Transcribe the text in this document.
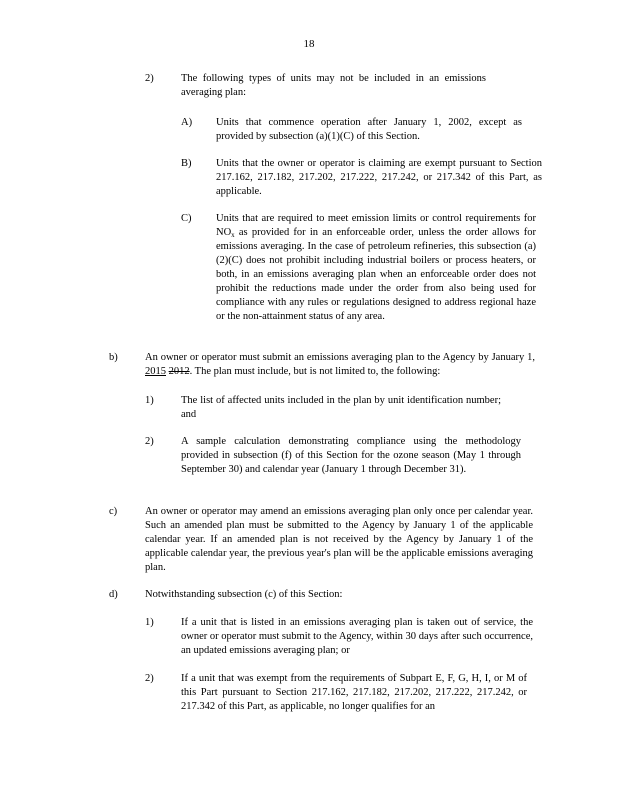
18
2)	The following types of units may not be included in an emissions averaging plan:
A) Units that commence operation after January 1, 2002, except as provided by subsection (a)(1)(C) of this Section.
B) Units that the owner or operator is claiming are exempt pursuant to Section 217.162, 217.182, 217.202, 217.222, 217.242, or 217.342 of this Part, as applicable.
C) Units that are required to meet emission limits or control requirements for $NO_x$ as provided for in an enforceable order, unless the order allows for emissions averaging. In the case of petroleum refineries, this subsection (a)(2)(C) does not prohibit including industrial boilers or process heaters, or both, in an emissions averaging plan when an enforceable order does not prohibit the reductions made under the order from also being used for compliance with any rules or regulations designed to address regional haze or the non-attainment status of any area.
b)	An owner or operator must submit an emissions averaging plan to the Agency by January 1, 2015 2012. The plan must include, but is not limited to, the following:
1)	The list of affected units included in the plan by unit identification number; and
2)	A sample calculation demonstrating compliance using the methodology provided in subsection (f) of this Section for the ozone season (May 1 through September 30) and calendar year (January 1 through December 31).
c)	An owner or operator may amend an emissions averaging plan only once per calendar year. Such an amended plan must be submitted to the Agency by January 1 of the applicable calendar year. If an amended plan is not received by the Agency by January 1 of the applicable calendar year, the previous year's plan will be the applicable emissions averaging plan.
d)	Notwithstanding subsection (c) of this Section:
1)	If a unit that is listed in an emissions averaging plan is taken out of service, the owner or operator must submit to the Agency, within 30 days after such occurrence, an updated emissions averaging plan; or
2)	If a unit that was exempt from the requirements of Subpart E, F, G, H, I, or M of this Part pursuant to Section 217.162, 217.182, 217.202, 217.222, 217.242, or 217.342 of this Part, as applicable, no longer qualifies for an
